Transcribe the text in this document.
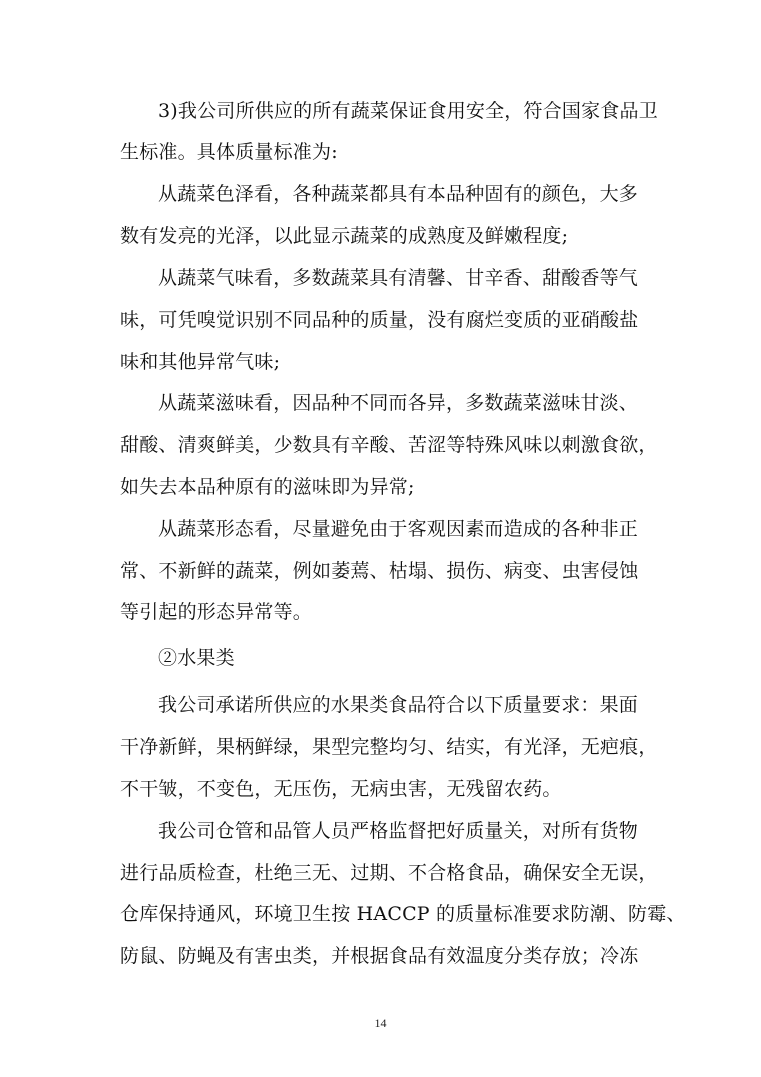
3)我公司所供应的所有蔬菜保证食用安全，符合国家食品卫
生标准。具体质量标准为:
从蔬菜色泽看，各种蔬菜都具有本品种固有的颜色，大多
数有发亮的光泽，以此显示蔬菜的成熟度及鲜嫩程度;
从蔬菜气味看，多数蔬菜具有清馨、甘辛香、甜酸香等气
味，可凭嗅觉识别不同品种的质量，没有腐烂变质的亚硝酸盐
味和其他异常气味;
从蔬菜滋味看，因品种不同而各异，多数蔬菜滋味甘淡、
甜酸、清爽鲜美，少数具有辛酸、苦涩等特殊风味以刺激食欲，
如失去本品种原有的滋味即为异常;
从蔬菜形态看，尽量避免由于客观因素而造成的各种非正
常、不新鲜的蔬菜，例如萎蔫、枯塌、损伤、病变、虫害侵蚀
等引起的形态异常等。
②水果类
我公司承诺所供应的水果类食品符合以下质量要求：果面
干净新鲜，果柄鲜绿，果型完整均匀、结实，有光泽，无疤痕，
不干皱，不变色，无压伤，无病虫害，无残留农药。
我公司仓管和品管人员严格监督把好质量关，对所有货物
进行品质检查，杜绝三无、过期、不合格食品，确保安全无误，
仓库保持通风，环境卫生按 HACCP 的质量标准要求防潮、防霉、
防鼠、防蝇及有害虫类，并根据食品有效温度分类存放；冷冻
14
